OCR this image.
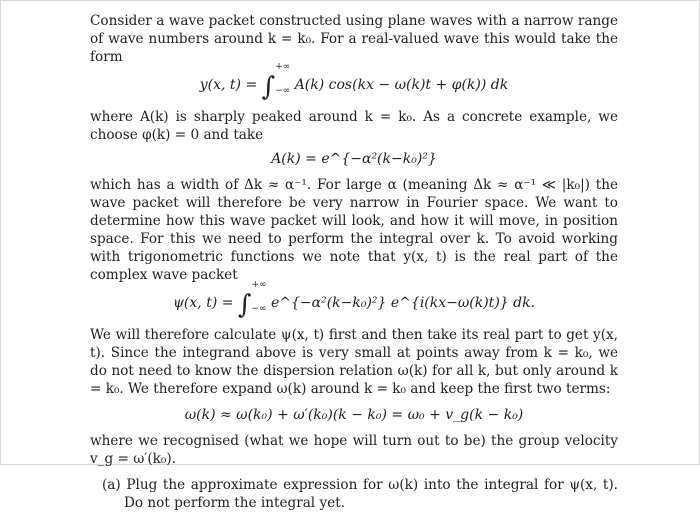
Consider a wave packet constructed using plane waves with a narrow range of wave numbers around k = k₀. For a real-valued wave this would take the form

y(x, t) = ∫
+∞
−∞ A(k) cos(kx − ω(k)t + φ(k)) dk

where A(k) is sharply peaked around k = k₀. As a concrete example, we choose φ(k) = 0 and take

A(k) = e^{−α²(k−k₀)²}

which has a width of Δk ≈ α⁻¹. For large α (meaning Δk ≈ α⁻¹ ≪ |k₀|) the wave packet will therefore be very narrow in Fourier space. We want to determine how this wave packet will look, and how it will move, in position space. For this we need to perform the integral over k. To avoid working with trigonometric functions we note that y(x, t) is the real part of the complex wave packet

ψ(x, t) = ∫
+∞
−∞ e^{−α²(k−k₀)²} e^{i(kx−ω(k)t)} dk.

We will therefore calculate ψ(x, t) first and then take its real part to get y(x, t). Since the integrand above is very small at points away from k = k₀, we do not need to know the dispersion relation ω(k) for all k, but only around k = k₀. We therefore expand ω(k) around k = k₀ and keep the first two terms:

ω(k) ≈ ω(k₀) + ω′(k₀)(k − k₀) = ω₀ + v_g(k − k₀)

where we recognised (what we hope will turn out to be) the group velocity v_g = ω′(k₀).

(a) Plug the approximate expression for ω(k) into the integral for ψ(x, t). Do not perform the integral yet.
